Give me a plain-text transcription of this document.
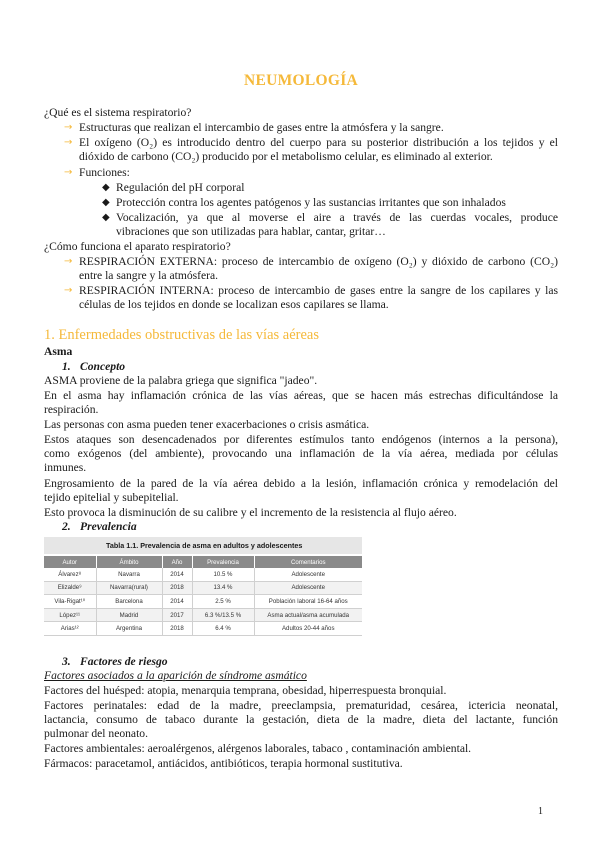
NEUMOLOGÍA
¿Qué es el sistema respiratorio?
→ Estructuras que realizan el intercambio de gases entre la atmósfera y la sangre.
→ El oxígeno (O₂) es introducido dentro del cuerpo para su posterior distribución a los tejidos y el
dióxido de carbono (CO₂) producido por el metabolismo celular, es eliminado al exterior.
→ Funciones:
◆ Regulación del pH corporal
◆ Protección contra los agentes patógenos y las sustancias irritantes que son inhalados
◆ Vocalización, ya que al moverse el aire a través de las cuerdas vocales, produce
vibraciones que son utilizadas para hablar, cantar, gritar…
¿Cómo funciona el aparato respiratorio?
→ RESPIRACIÓN EXTERNA: proceso de intercambio de oxígeno (O₂) y dióxido de carbono (CO₂)
entre la sangre y la atmósfera.
→ RESPIRACIÓN INTERNA: proceso de intercambio de gases entre la sangre de los capilares y las
células de los tejidos en donde se localizan esos capilares se llama.
1. Enfermedades obstructivas de las vías aéreas
Asma
1. Concepto
ASMA proviene de la palabra griega que significa "jadeo".
En el asma hay inflamación crónica de las vías aéreas, que se hacen más estrechas dificultándose la
respiración.
Las personas con asma pueden tener exacerbaciones o crisis asmática.
Estos ataques son desencadenados por diferentes estímulos tanto endógenos (internos a la persona),
como exógenos (del ambiente), provocando una inflamación de la vía aérea, mediada por células
inmunes.
Engrosamiento de la pared de la vía aérea debido a la lesión, inflamación crónica y remodelación del
tejido epitelial y subepitelial.
Esto provoca la disminución de su calibre y el incremento de la resistencia al flujo aéreo.
2. Prevalencia
Tabla 1.1. Prevalencia de asma en adultos y adolescentes
Autor	Ámbito	Año	Prevalencia	Comentarios
Álvarez⁸	Navarra	2014	10.5 %	Adolescente
Elizalde⁹	Navarra(rural)	2018	13.4 %	Adolescente
Vila-Rigat¹⁰	Barcelona	2014	2.5 %	Población laboral 16-64 años
López¹¹	Madrid	2017	6.3 %/13.5 %	Asma actual/asma acumulada
Arias¹²	Argentina	2018	6.4 %	Adultos 20-44 años
3. Factores de riesgo
Factores asociados a la aparición de síndrome asmático
Factores del huésped: atopia, menarquia temprana, obesidad, hiperrespuesta bronquial.
Factores perinatales: edad de la madre, preeclampsia, prematuridad, cesárea, ictericia neonatal,
lactancia, consumo de tabaco durante la gestación, dieta de la madre, dieta del lactante, función
pulmonar del neonato.
Factores ambientales: aeroalérgenos, alérgenos laborales, tabaco , contaminación ambiental.
Fármacos: paracetamol, antiácidos, antibióticos, terapia hormonal sustitutiva.
1
